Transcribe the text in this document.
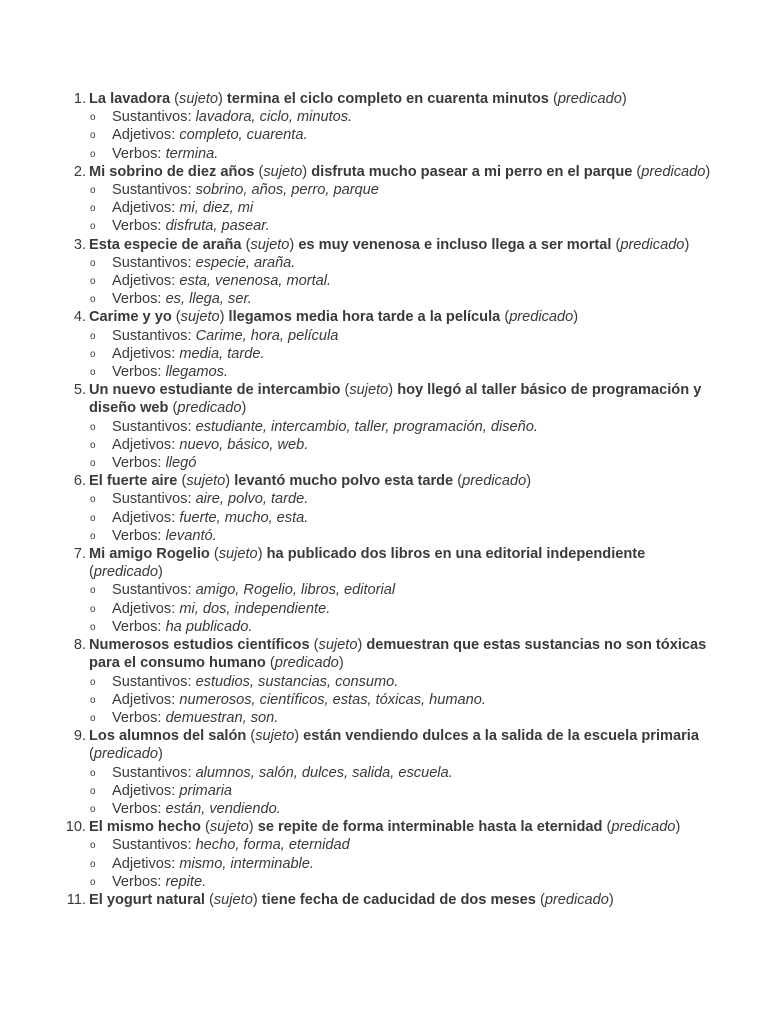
1. La lavadora (sujeto) termina el ciclo completo en cuarenta minutos (predicado)
o Sustantivos: lavadora, ciclo, minutos.
o Adjetivos: completo, cuarenta.
o Verbos: termina.
2. Mi sobrino de diez años (sujeto) disfruta mucho pasear a mi perro en el parque (predicado)
o Sustantivos: sobrino, años, perro, parque
o Adjetivos: mi, diez, mi
o Verbos: disfruta, pasear.
3. Esta especie de araña (sujeto) es muy venenosa e incluso llega a ser mortal (predicado)
o Sustantivos: especie, araña.
o Adjetivos: esta, venenosa, mortal.
o Verbos: es, llega, ser.
4. Carime y yo (sujeto) llegamos media hora tarde a la película (predicado)
o Sustantivos: Carime, hora, película
o Adjetivos: media, tarde.
o Verbos: llegamos.
5. Un nuevo estudiante de intercambio (sujeto) hoy llegó al taller básico de programación y diseño web (predicado)
o Sustantivos: estudiante, intercambio, taller, programación, diseño.
o Adjetivos: nuevo, básico, web.
o Verbos: llegó
6. El fuerte aire (sujeto) levantó mucho polvo esta tarde (predicado)
o Sustantivos: aire, polvo, tarde.
o Adjetivos: fuerte, mucho, esta.
o Verbos: levantó.
7. Mi amigo Rogelio (sujeto) ha publicado dos libros en una editorial independiente (predicado)
o Sustantivos: amigo, Rogelio, libros, editorial
o Adjetivos: mi, dos, independiente.
o Verbos: ha publicado.
8. Numerosos estudios científicos (sujeto) demuestran que estas sustancias no son tóxicas para el consumo humano (predicado)
o Sustantivos: estudios, sustancias, consumo.
o Adjetivos: numerosos, científicos, estas, tóxicas, humano.
o Verbos: demuestran, son.
9. Los alumnos del salón (sujeto) están vendiendo dulces a la salida de la escuela primaria (predicado)
o Sustantivos: alumnos, salón, dulces, salida, escuela.
o Adjetivos: primaria
o Verbos: están, vendiendo.
10. El mismo hecho (sujeto) se repite de forma interminable hasta la eternidad (predicado)
o Sustantivos: hecho, forma, eternidad
o Adjetivos: mismo, interminable.
o Verbos: repite.
11. El yogurt natural (sujeto) tiene fecha de caducidad de dos meses (predicado)
